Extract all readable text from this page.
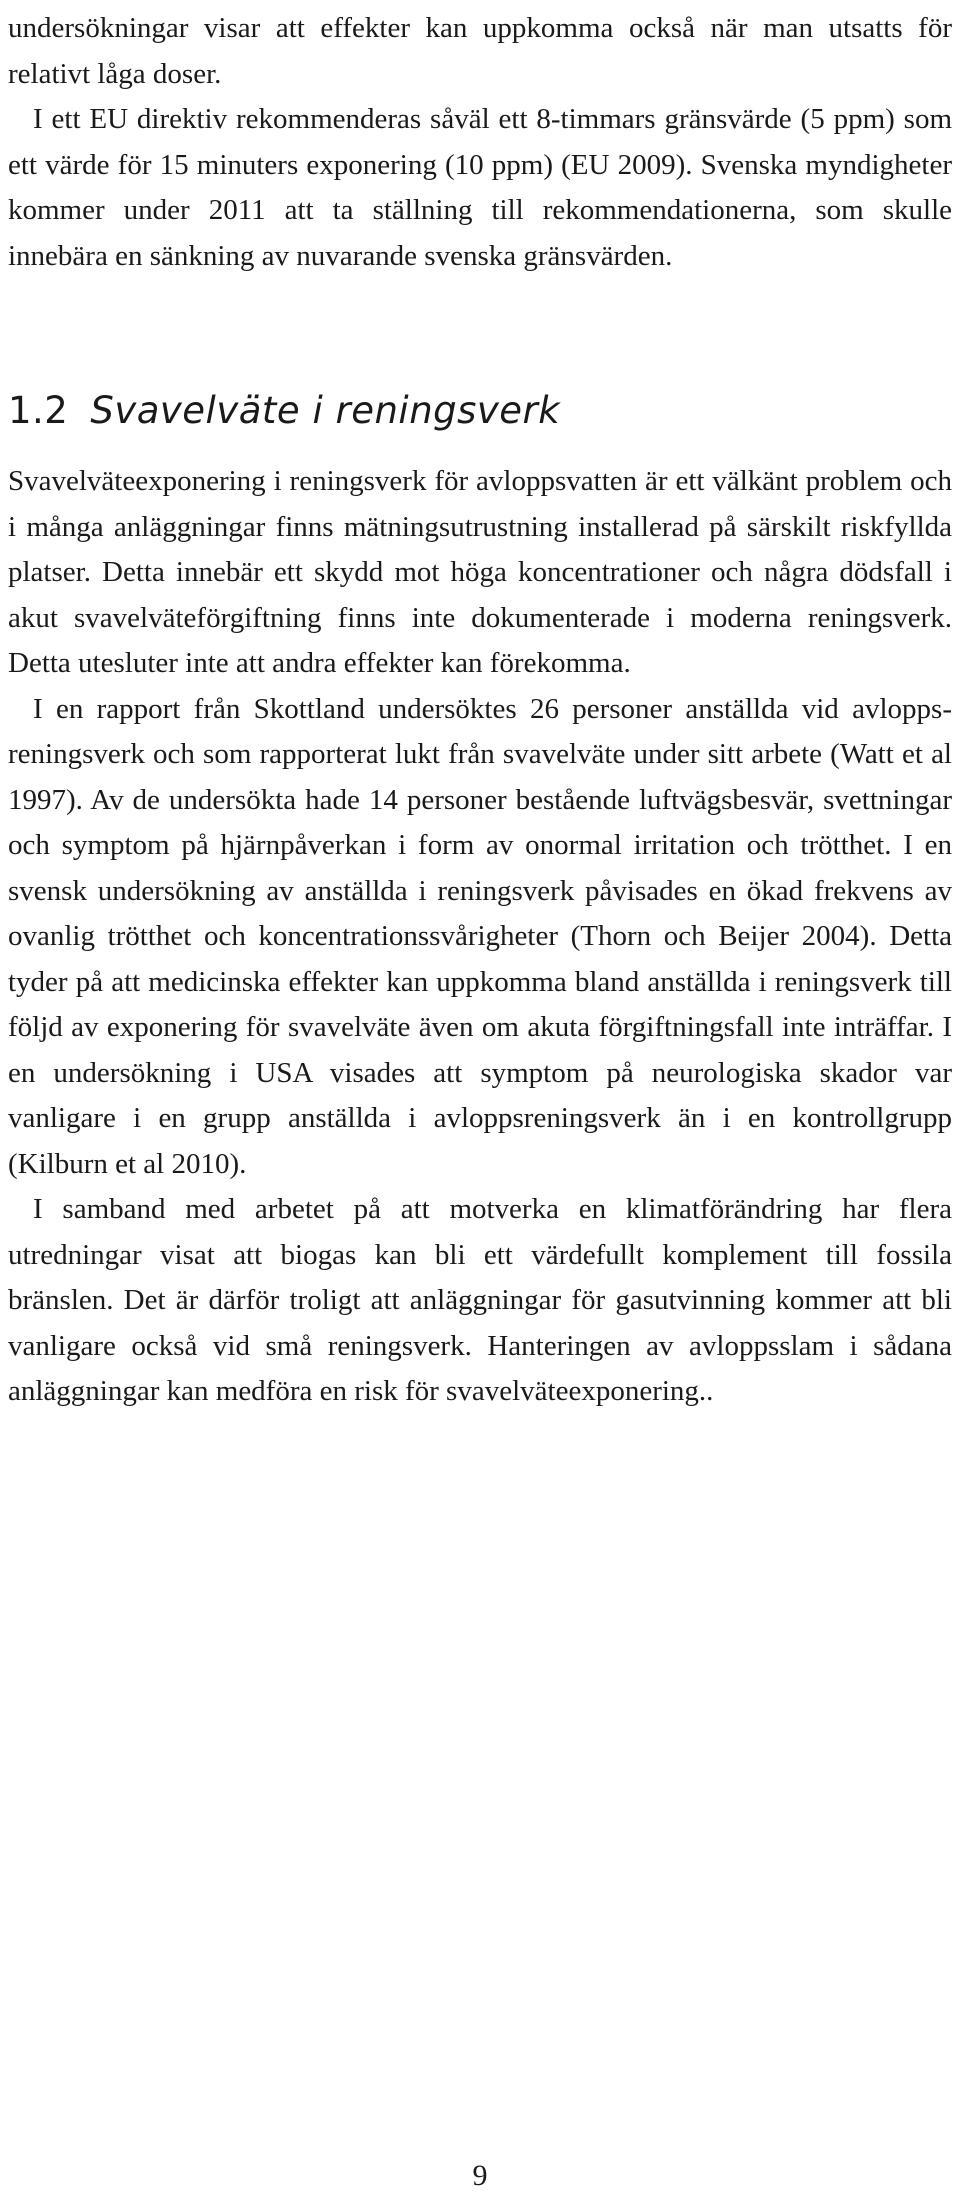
undersökningar visar att effekter kan uppkomma också när man utsatts för relativt låga doser.

I ett EU direktiv rekommenderas såväl ett 8-timmars gränsvärde (5 ppm) som ett värde för 15 minuters exponering (10 ppm) (EU 2009). Svenska myndigheter kommer under 2011 att ta ställning till rekommendationerna, som skulle innebära en sänkning av nuvarande svenska gränsvärden.

1.2 Svavelväte i reningsverk

Svavelväteexponering i reningsverk för avloppsvatten är ett välkänt problem och i många anläggningar finns mätningsutrustning installerad på särskilt riskfyllda platser. Detta innebär ett skydd mot höga koncentrationer och några dödsfall i akut svavelväteförgiftning finns inte dokumenterade i moderna reningsverk. Detta utesluter inte att andra effekter kan förekomma.

I en rapport från Skottland undersöktes 26 personer anställda vid avloppsreningsverk och som rapporterat lukt från svavelväte under sitt arbete (Watt et al 1997). Av de undersökta hade 14 personer bestående luftvägsbesvär, svettningar och symptom på hjärnpåverkan i form av onormal irritation och trötthet. I en svensk undersökning av anställda i reningsverk påvisades en ökad frekvens av ovanlig trötthet och koncentrationssvårigheter (Thorn och Beijer 2004). Detta tyder på att medicinska effekter kan uppkomma bland anställda i reningsverk till följd av exponering för svavelväte även om akuta förgiftningsfall inte inträffar. I en undersökning i USA visades att symptom på neurologiska skador var vanligare i en grupp anställda i avloppsreningsverk än i en kontrollgrupp (Kilburn et al 2010).

I samband med arbetet på att motverka en klimatförändring har flera utredningar visat att biogas kan bli ett värdefullt komplement till fossila bränslen. Det är därför troligt att anläggningar för gasutvinning kommer att bli vanligare också vid små reningsverk. Hanteringen av avloppsslam i sådana anläggningar kan medföra en risk för svavelväteexponering..

9
